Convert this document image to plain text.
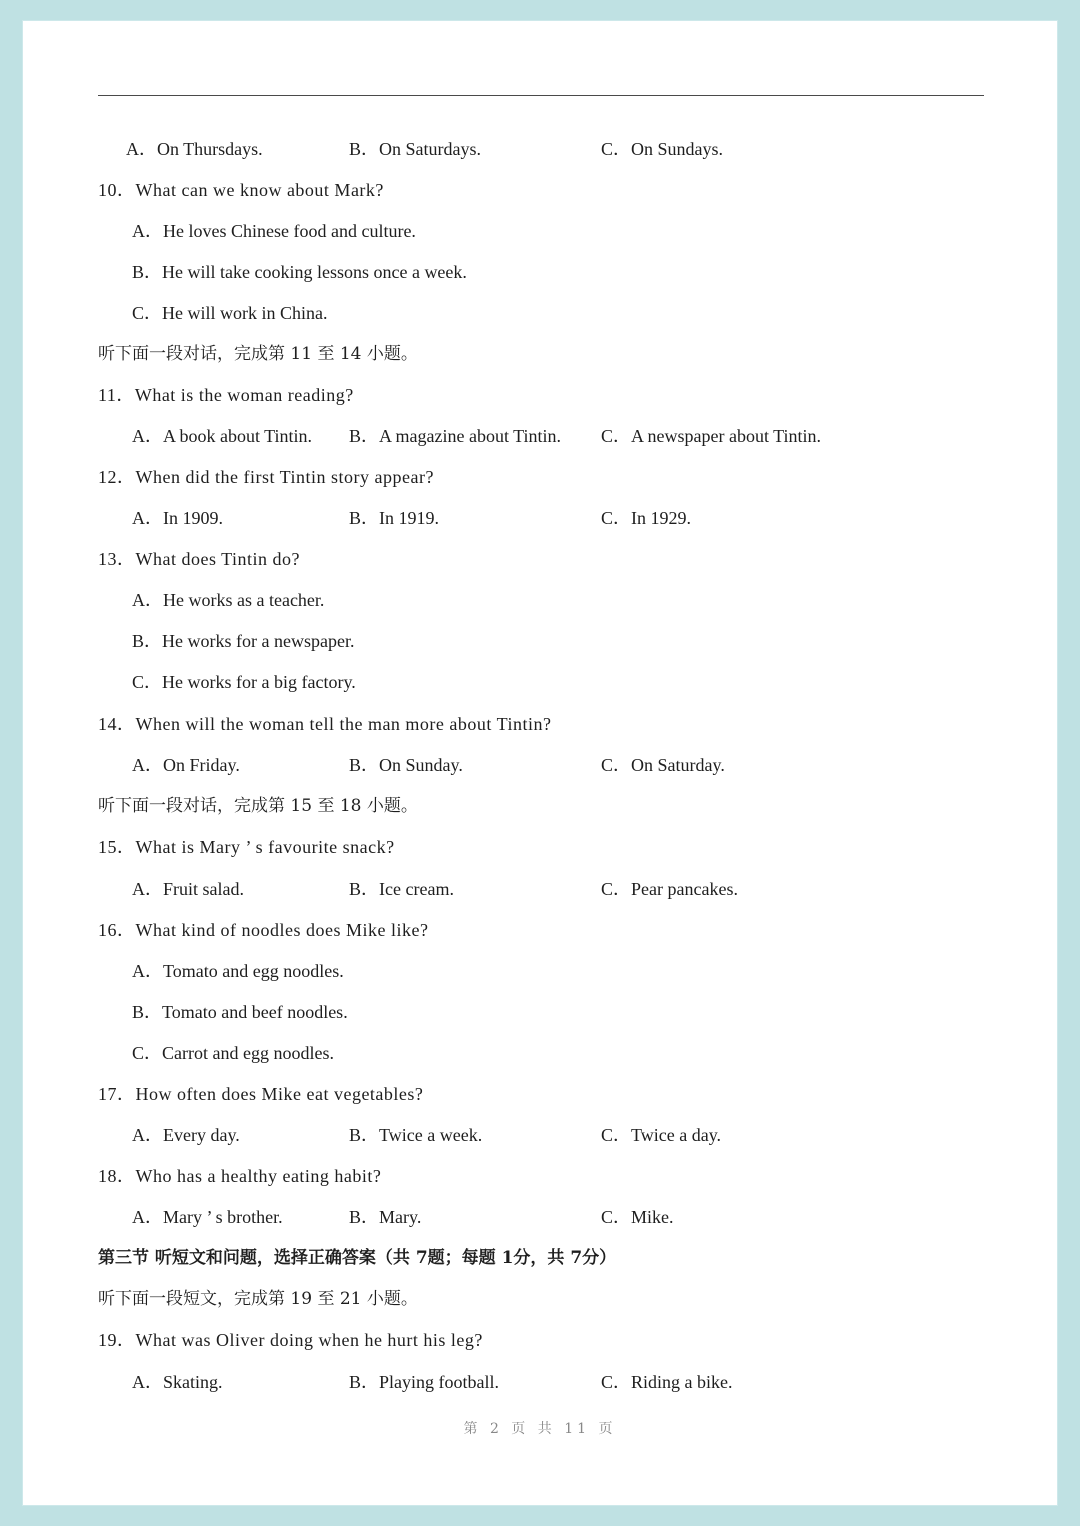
A．On Thursdays.	B．On Saturdays.	C．On Sundays.
10．What can we know about Mark?
A．He loves Chinese food and culture.
B．He will take cooking lessons once a week.
C．He will work in China.
听下面一段对话，完成第 11 至 14 小题。
11．What is the woman reading?
A．A book about Tintin. B．A magazine about Tintin. C．A newspaper about Tintin.
12．When did the first Tintin story appear?
A．In 1909.	B．In 1919.	C．In 1929.
13．What does Tintin do?
A．He works as a teacher.
B．He works for a newspaper.
C．He works for a big factory.
14．When will the woman tell the man more about Tintin?
A．On Friday.	B．On Sunday.	C．On Saturday.
听下面一段对话，完成第 15 至 18 小题。
15．What is Mary ’ s favourite snack?
A．Fruit salad.	B．Ice cream.	C．Pear pancakes.
16．What kind of noodles does Mike like?
A．Tomato and egg noodles.
B．Tomato and beef noodles.
C．Carrot and egg noodles.
17．How often does Mike eat vegetables?
A．Every day.	B．Twice a week.	C．Twice a day.
18．Who has a healthy eating habit?
A．Mary ’ s brother.	B．Mary.	C．Mike.
第三节 听短文和问题，选择正确答案（共 7题；每题 1分，共 7分）
听下面一段短文，完成第 19 至 21 小题。
19．What was Oliver doing when he hurt his leg?
A．Skating.	B．Playing football.	C．Riding a bike.
第 2 页 共 11 页
